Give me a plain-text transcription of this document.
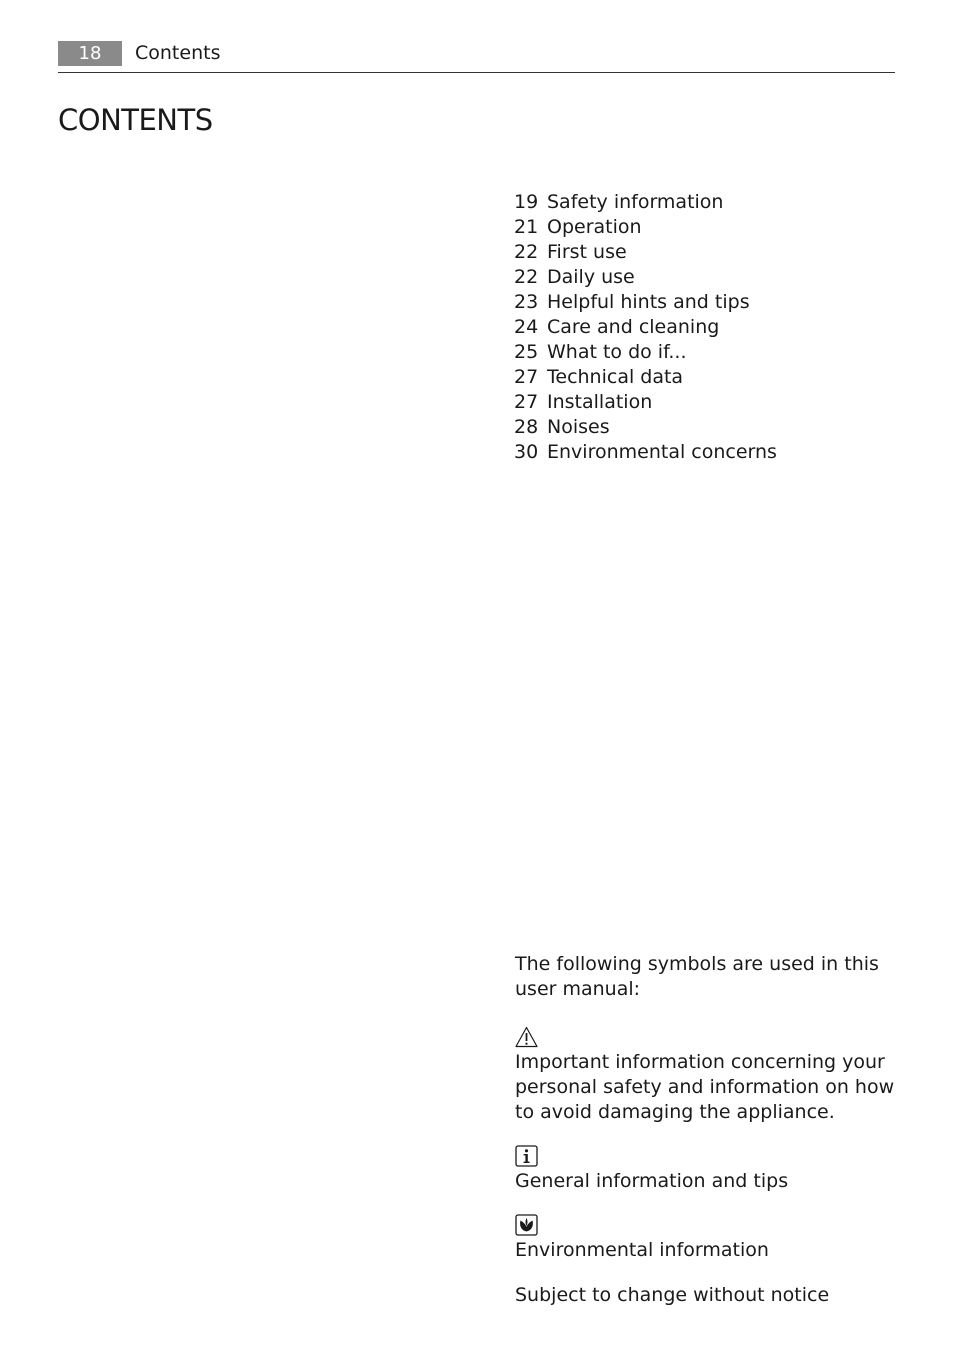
18	Contents
CONTENTS
19 Safety information
21 Operation
22 First use
22 Daily use
23 Helpful hints and tips
24 Care and cleaning
25 What to do if...
27 Technical data
27 Installation
28 Noises
30 Environmental concerns

The following symbols are used in this user manual:

Important information concerning your personal safety and information on how to avoid damaging the appliance.

General information and tips

Environmental information

Subject to change without notice
